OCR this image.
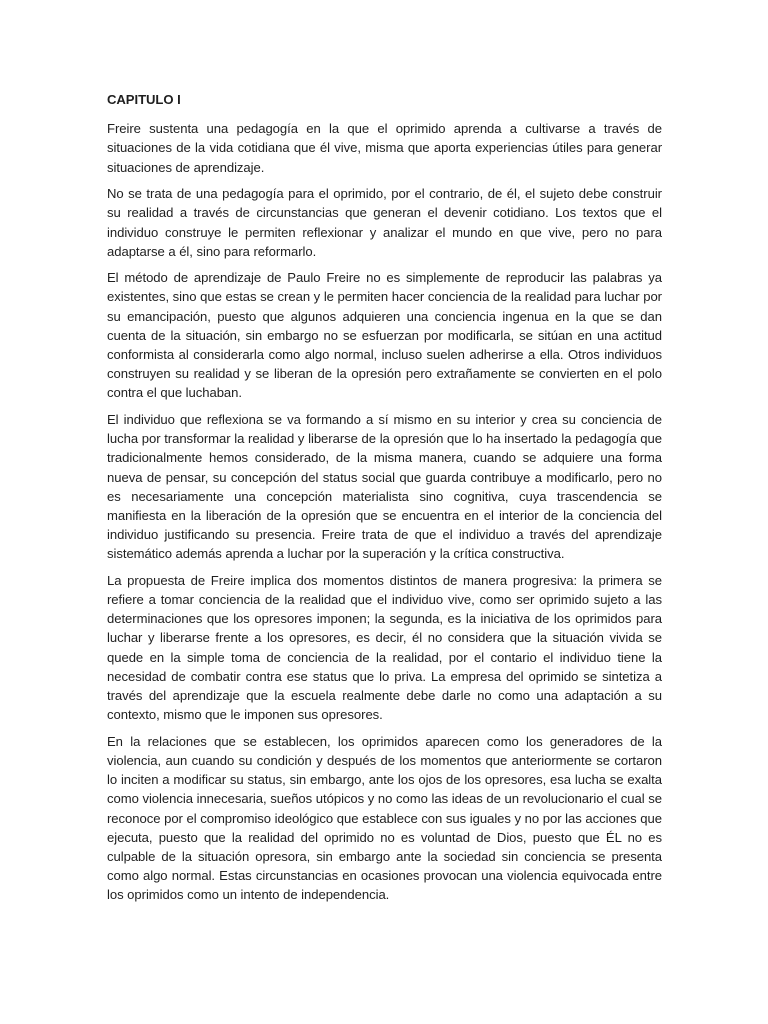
CAPITULO I

Freire sustenta una pedagogía en la que el oprimido aprenda a cultivarse a través de situaciones de la vida cotidiana que él vive, misma que aporta experiencias útiles para generar situaciones de aprendizaje.

No se trata de una pedagogía para el oprimido, por el contrario, de él, el sujeto debe construir su realidad a través de circunstancias que generan el devenir cotidiano. Los textos que el individuo construye le permiten reflexionar y analizar el mundo en que vive, pero no para adaptarse a él, sino para reformarlo.

El método de aprendizaje de Paulo Freire no es simplemente de reproducir las palabras ya existentes, sino que estas se crean y le permiten hacer conciencia de la realidad para luchar por su emancipación, puesto que algunos adquieren una conciencia ingenua en la que se dan cuenta de la situación, sin embargo no se esfuerzan por modificarla, se sitúan en una actitud conformista al considerarla como algo normal, incluso suelen adherirse a ella. Otros individuos construyen su realidad y se liberan de la opresión pero extrañamente se convierten en el polo contra el que luchaban.

El individuo que reflexiona se va formando a sí mismo en su interior y crea su conciencia de lucha por transformar la realidad y liberarse de la opresión que lo ha insertado la pedagogía que tradicionalmente hemos considerado, de la misma manera, cuando se adquiere una forma nueva de pensar, su concepción del status social que guarda contribuye a modificarlo, pero no es necesariamente una concepción materialista sino cognitiva, cuya trascendencia se manifiesta en la liberación de la opresión que se encuentra en el interior de la conciencia del individuo justificando su presencia. Freire trata de que el individuo a través del aprendizaje sistemático además aprenda a luchar por la superación y la crítica constructiva.

La propuesta de Freire implica dos momentos distintos de manera progresiva: la primera se refiere a tomar conciencia de la realidad que el individuo vive, como ser oprimido sujeto a las determinaciones que los opresores imponen; la segunda, es la iniciativa de los oprimidos para luchar y liberarse frente a los opresores, es decir, él no considera que la situación vivida se quede en la simple toma de conciencia de la realidad, por el contario el individuo tiene la necesidad de combatir contra ese status que lo priva. La empresa del oprimido se sintetiza a través del aprendizaje que la escuela realmente debe darle no como una adaptación a su contexto, mismo que le imponen sus opresores.

En la relaciones que se establecen, los oprimidos aparecen como los generadores de la violencia, aun cuando su condición y después de los momentos que anteriormente se cortaron lo inciten a modificar su status, sin embargo, ante los ojos de los opresores, esa lucha se exalta como violencia innecesaria, sueños utópicos y no como las ideas de un revolucionario el cual se reconoce por el compromiso ideológico que establece con sus iguales y no por las acciones que ejecuta, puesto que la realidad del oprimido no es voluntad de Dios, puesto que ÉL no es culpable de la situación opresora, sin embargo ante la sociedad sin conciencia se presenta como algo normal. Estas circunstancias en ocasiones provocan una violencia equivocada entre los oprimidos como un intento de independencia.
